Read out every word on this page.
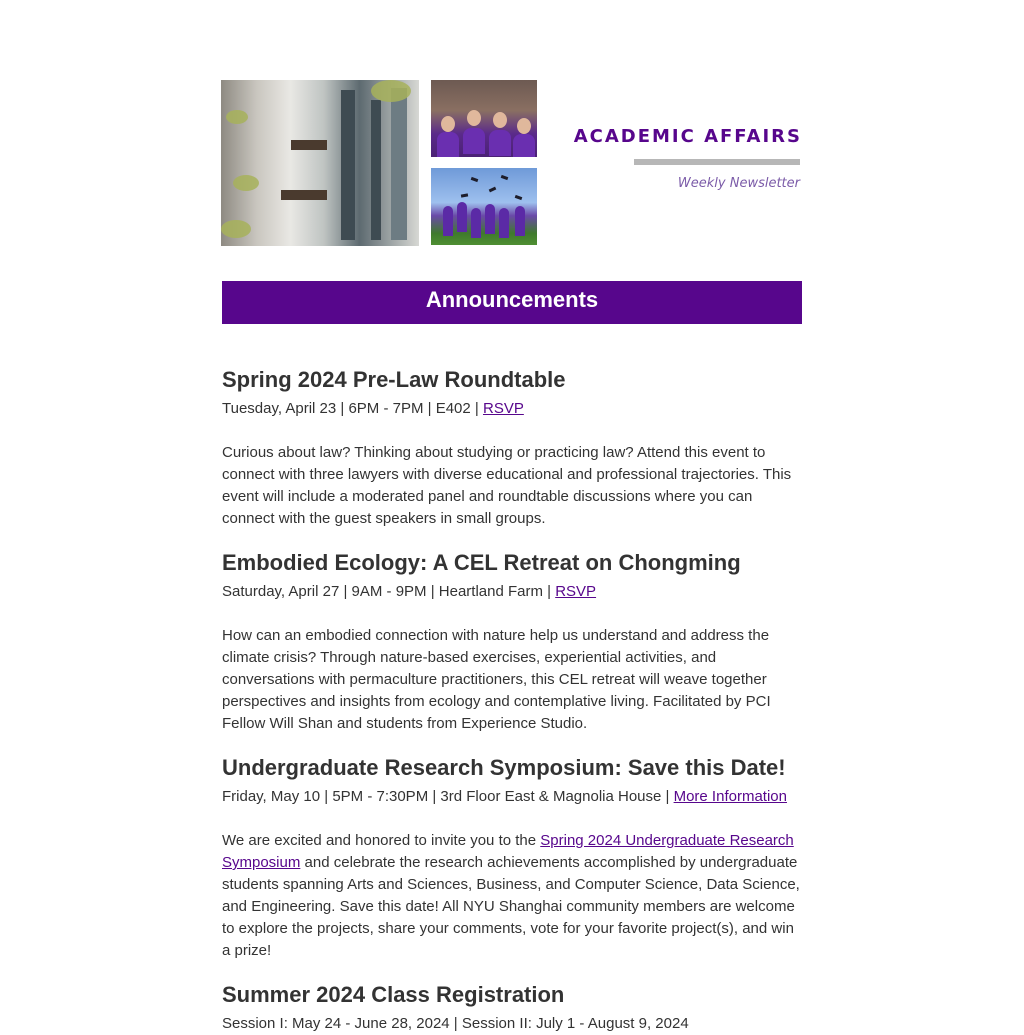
ACADEMIC AFFAIRS
Weekly Newsletter
Announcements
Spring 2024 Pre-Law Roundtable
Tuesday, April 23 | 6PM - 7PM | E402 | RSVP
Curious about law? Thinking about studying or practicing law? Attend this event to connect with three lawyers with diverse educational and professional trajectories. This event will include a moderated panel and roundtable discussions where you can connect with the guest speakers in small groups.
Embodied Ecology: A CEL Retreat on Chongming
Saturday, April 27 | 9AM - 9PM | Heartland Farm | RSVP
How can an embodied connection with nature help us understand and address the climate crisis? Through nature-based exercises, experiential activities, and conversations with permaculture practitioners, this CEL retreat will weave together perspectives and insights from ecology and contemplative living. Facilitated by PCI Fellow Will Shan and students from Experience Studio.
Undergraduate Research Symposium: Save this Date!
Friday, May 10 | 5PM - 7:30PM | 3rd Floor East & Magnolia House | More Information
We are excited and honored to invite you to the Spring 2024 Undergraduate Research Symposium and celebrate the research achievements accomplished by undergraduate students spanning Arts and Sciences, Business, and Computer Science, Data Science, and Engineering. Save this date! All NYU Shanghai community members are welcome to explore the projects, share your comments, vote for your favorite project(s), and win a prize!
Summer 2024 Class Registration
Session I: May 24 - June 28, 2024 | Session II: July 1 - August 9, 2024
